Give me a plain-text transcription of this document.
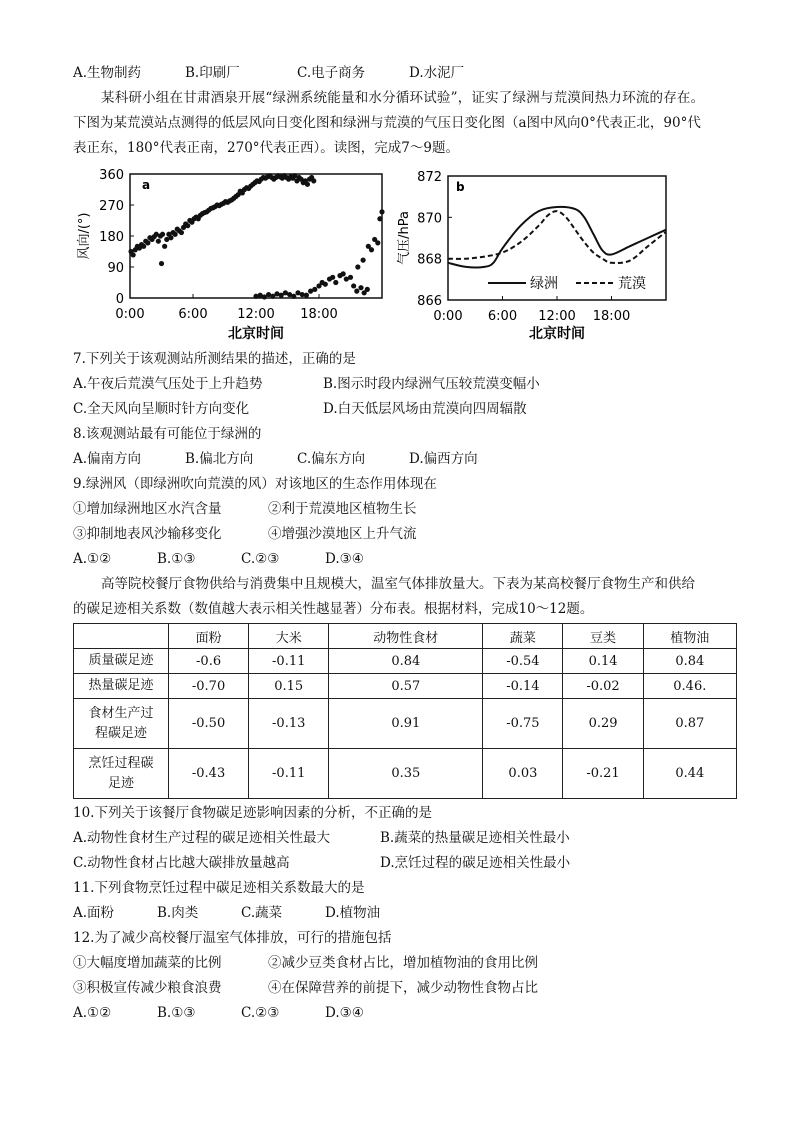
A.生物制药	B.印刷厂	C.电子商务	D.水泥厂
某科研小组在甘肃酒泉开展“绿洲系统能量和水分循环试验”，证实了绿洲与荒漠间热力环流的存在。
下图为某荒漠站点测得的低层风向日变化图和绿洲与荒漠的气压日变化图（a图中风向0°代表正北，90°代
表正东，180°代表正南，270°代表正西）。读图，完成7～9题。
a
0
90
180
270
360
0:00	6:00 12:00 18:00
风向/(°)
北京时间
b
866
868
870
872
0:00 6:00 12:00 18:00
绿洲	荒漠
气压/hPa
北京时间
7.下列关于该观测站所测结果的描述，正确的是
A.午夜后荒漠气压处于上升趋势	B.图示时段内绿洲气压较荒漠变幅小
C.全天风向呈顺时针方向变化	D.白天低层风场由荒漠向四周辐散
8.该观测站最有可能位于绿洲的
A.偏南方向	B.偏北方向	C.偏东方向	D.偏西方向
9.绿洲风（即绿洲吹向荒漠的风）对该地区的生态作用体现在
①增加绿洲地区水汽含量	②利于荒漠地区植物生长
③抑制地表风沙输移变化	④增强沙漠地区上升气流
A.①②	B.①③	C.②③	D.③④
高等院校餐厅食物供给与消费集中且规模大，温室气体排放量大。下表为某高校餐厅食物生产和供给
的碳足迹相关系数（数值越大表示相关性越显著）分布表。根据材料，完成10～12题。
	面粉	大米	动物性食材	蔬菜	豆类	植物油
质量碳足迹	-0.6	-0.11	0.84	-0.54	0.14	0.84
热量碳足迹	-0.70	0.15	0.57	-0.14	-0.02	0.46.
食材生产过
程碳足迹	-0.50	-0.13	0.91	-0.75	0.29	0.87
烹饪过程碳
足迹	-0.43	-0.11	0.35	0.03	-0.21	0.44
10.下列关于该餐厅食物碳足迹影响因素的分析，不正确的是
A.动物性食材生产过程的碳足迹相关性最大	B.蔬菜的热量碳足迹相关性最小
C.动物性食材占比越大碳排放量越高	D.烹饪过程的碳足迹相关性最小
11.下列食物烹饪过程中碳足迹相关系数最大的是
A.面粉	B.肉类	C.蔬菜	D.植物油
12.为了减少高校餐厅温室气体排放，可行的措施包括
①大幅度增加蔬菜的比例	②减少豆类食材占比，增加植物油的食用比例
③积极宣传减少粮食浪费	④在保障营养的前提下，减少动物性食物占比
A.①②	B.①③	C.②③	D.③④
